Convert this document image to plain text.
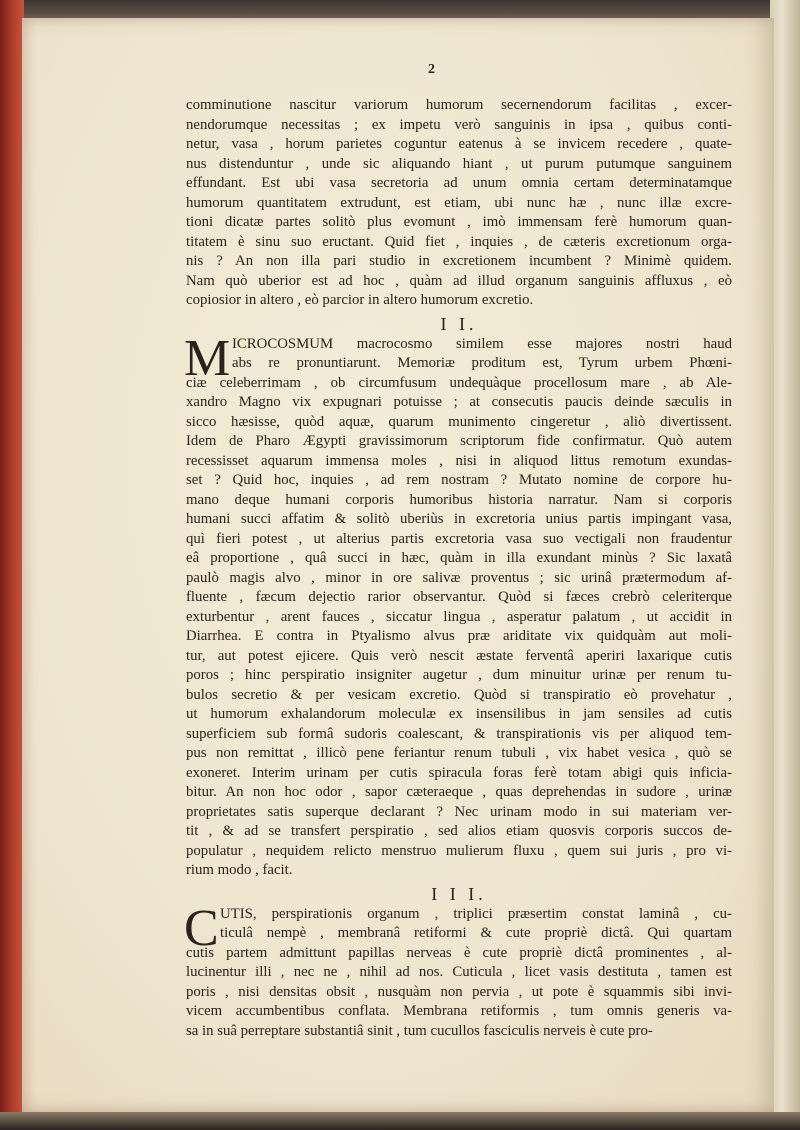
2
comminutione nascitur variorum humorum secernendorum facilitas , excer-
nendorumque necessitas ; ex impetu verò sanguinis in ipsa , quibus conti-
netur, vasa , horum parietes coguntur eatenus à se invicem recedere , quate-
nus distenduntur , unde sic aliquando hiant , ut purum putumque sanguinem
effundant. Est ubi vasa secretoria ad unum omnia certam determinatamque
humorum quantitatem extrudunt, est etiam, ubi nunc hæ , nunc illæ excre-
tioni dicatæ partes solitò plus evomunt , imò immensam ferè humorum quan-
titatem è sinu suo eructant. Quid fiet , inquies , de cæteris excretionum orga-
nis ? An non illa pari studio in excretionem incumbent ? Minimè quidem.
Nam quò uberior est ad hoc , quàm ad illud organum sanguinis affluxus , eò
copiosior in altero , eò parcior in altero humorum excretio.
I I.
M ICROCOSMUM macrocosmo similem esse majores nostri haud
abs re pronuntiarunt. Memoriæ proditum est, Tyrum urbem Phœni-
ciæ celeberrimam , ob circumfusum undequàque procellosum mare , ab Ale-
xandro Magno vix expugnari potuisse ; at consecutis paucis deinde sæculis in
sicco hæsisse, quòd aquæ, quarum munimento cingeretur , aliò divertissent.
Idem de Pharo Ægypti gravissimorum scriptorum fide confirmatur. Quò autem
recessisset aquarum immensa moles , nisi in aliquod littus remotum exundas-
set ? Quid hoc, inquies , ad rem nostram ? Mutato nomine de corpore hu-
mano deque humani corporis humoribus historia narratur. Nam si corporis
humani succi affatim & solitò uberiùs in excretoria unius partis impingant vasa,
quì fieri potest , ut alterius partis excretoria vasa suo vectigali non fraudentur
eâ proportione , quâ succi in hæc, quàm in illa exundant minùs ? Sic laxatâ
paulò magis alvo , minor in ore salivæ proventus ; sic urinâ prætermodum af-
fluente , fæcum dejectio rarior observantur. Quòd si fæces crebrò celeriterque
exturbentur , arent fauces , siccatur lingua , asperatur palatum , ut accidit in
Diarrhea. E contra in Ptyalismo alvus præ ariditate vix quidquàm aut moli-
tur, aut potest ejicere. Quis verò nescit æstate ferventâ aperiri laxarique cutis
poros ; hinc perspiratio insigniter augetur , dum minuitur urinæ per renum tu-
bulos secretio & per vesicam excretio. Quòd si transpiratio eò provehatur ,
ut humorum exhalandorum moleculæ ex insensilibus in jam sensiles ad cutis
superficiem sub formâ sudoris coalescant, & transpirationis vis per aliquod tem-
pus non remittat , illicò pene feriantur renum tubuli , vix habet vesica , quò se
exoneret. Interim urinam per cutis spiracula foras ferè totam abigi quis inficia-
bitur. An non hoc odor , sapor cæteraeque , quas deprehendas in sudore , urinæ
proprietates satis superque declarant ? Nec urinam modo in sui materiam ver-
tit , & ad se transfert perspiratio , sed alios etiam quosvis corporis succos de-
populatur , nequidem relicto menstruo mulierum fluxu , quem sui juris , pro vi-
rium modo , facit.
I I I.
C UTIS, perspirationis organum , triplici præsertim constat laminâ , cu-
ticulâ nempè , membranâ retiformi & cute propriè dictâ. Qui quartam
cutis partem admittunt papillas nerveas è cute propriè dictâ prominentes , al-
lucinentur illi , nec ne , nihil ad nos. Cuticula , licet vasis destituta , tamen est
poris , nisi densitas obsit , nusquàm non pervia , ut pote è squammis sibi invi-
vicem accumbentibus conflata. Membrana retiformis , tum omnis generis va-
sa in suâ perreptare substantiâ sinit , tum cucullos fasciculis nerveis è cute pro-
